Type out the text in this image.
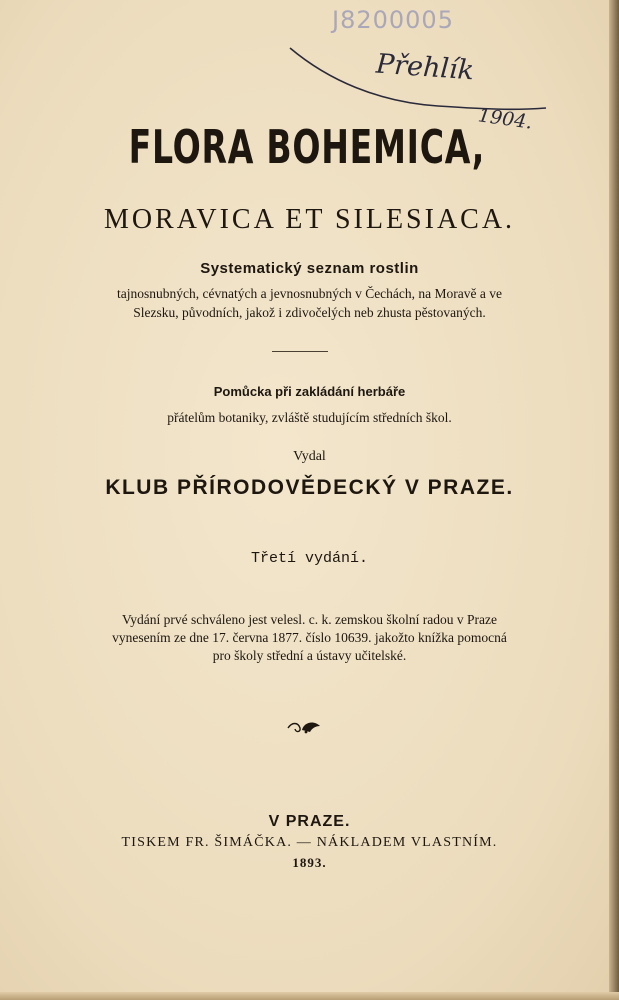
J8200005
Přehlík
1904.
FLORA BOHEMICA,
MORAVICA ET SILESIACA.
Systematický seznam rostlin
tajnosnubných, cévnatých a jevnosnubných v Čechách, na Moravě a ve
Slezsku, původních, jakož i zdivočelých neb zhusta pěstovaných.
Pomůcka při zakládání herbáře
přátelům botaniky, zvláště studujícím středních škol.
Vydal
KLUB PŘÍRODOVĚDECKÝ V PRAZE.
Třetí vydání.
Vydání prvé schváleno jest velesl. c. k. zemskou školní radou v Praze
vynesením ze dne 17. června 1877. číslo 10639. jakožto knížka pomocná
pro školy střední a ústavy učitelské.
V PRAZE.
TISKEM FR. ŠIMÁČKA. — NÁKLADEM VLASTNÍM.
1893.
